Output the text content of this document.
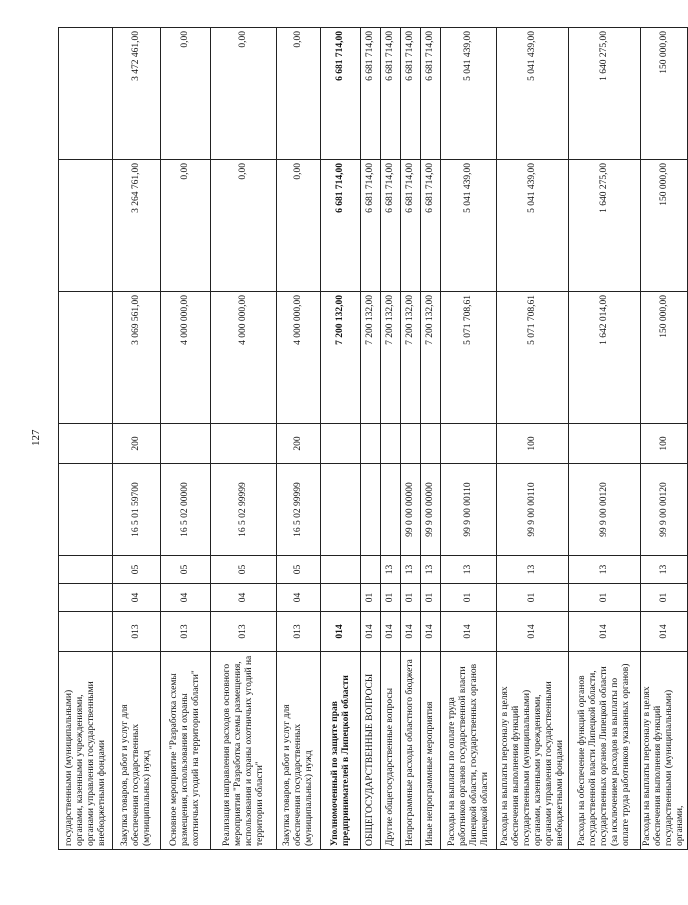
127
государственными (муниципальными) органами, казенными учреждениями, органами управления государственными внебюджетными фондами								
Закупка товаров, работ и услуг для обеспечения государственных (муниципальных) нужд	013	04	05	16 5 01 59700	200	3 069 561,00	3 264 761,00	3 472 461,00
Основное мероприятие "Разработка схемы размещения, использования и охраны охотничьих угодий на территории области"	013	04	05	16 5 02 00000		4 000 000,00	0,00	0,00
Реализация направления расходов основного мероприятия "Разработка схемы размещения, использования и охраны охотничьих угодий на территории области"	013	04	05	16 5 02 99999		4 000 000,00	0,00	0,00
Закупка товаров, работ и услуг для обеспечения государственных (муниципальных) нужд	013	04	05	16 5 02 99999	200	4 000 000,00	0,00	0,00
Уполномоченный по защите прав предпринимателей в Липецкой области	014					7 200 132,00	6 681 714,00	6 681 714,00
ОБЩЕГОСУДАРСТВЕННЫЕ ВОПРОСЫ	014	01				7 200 132,00	6 681 714,00	6 681 714,00
Другие общегосударственные вопросы	014	01	13			7 200 132,00	6 681 714,00	6 681 714,00
Непрограммные расходы областного бюджета	014	01	13	99 0 00 00000		7 200 132,00	6 681 714,00	6 681 714,00
Иные непрограммные мероприятия	014	01	13	99 9 00 00000		7 200 132,00	6 681 714,00	6 681 714,00
Расходы на выплаты по оплате труда работников органов государственной власти Липецкой области, государственных органов Липецкой области	014	01	13	99 9 00 00110		5 071 708,61	5 041 439,00	5 041 439,00
Расходы на выплаты персоналу в целях обеспечения выполнения функций государственными (муниципальными) органами, казенными учреждениями, органами управления государственными внебюджетными фондами	014	01	13	99 9 00 00110	100	5 071 708,61	5 041 439,00	5 041 439,00
Расходы на обеспечение функций органов государственной власти Липецкой области, государственных органов Липецкой области (за исключением расходов на выплаты по оплате труда работников указанных органов)	014	01	13	99 9 00 00120		1 642 014,00	1 640 275,00	1 640 275,00
Расходы на выплаты персоналу в целях обеспечения выполнения функций государственными (муниципальными) органами,	014	01	13	99 9 00 00120	100	150 000,00	150 000,00	150 000,00
